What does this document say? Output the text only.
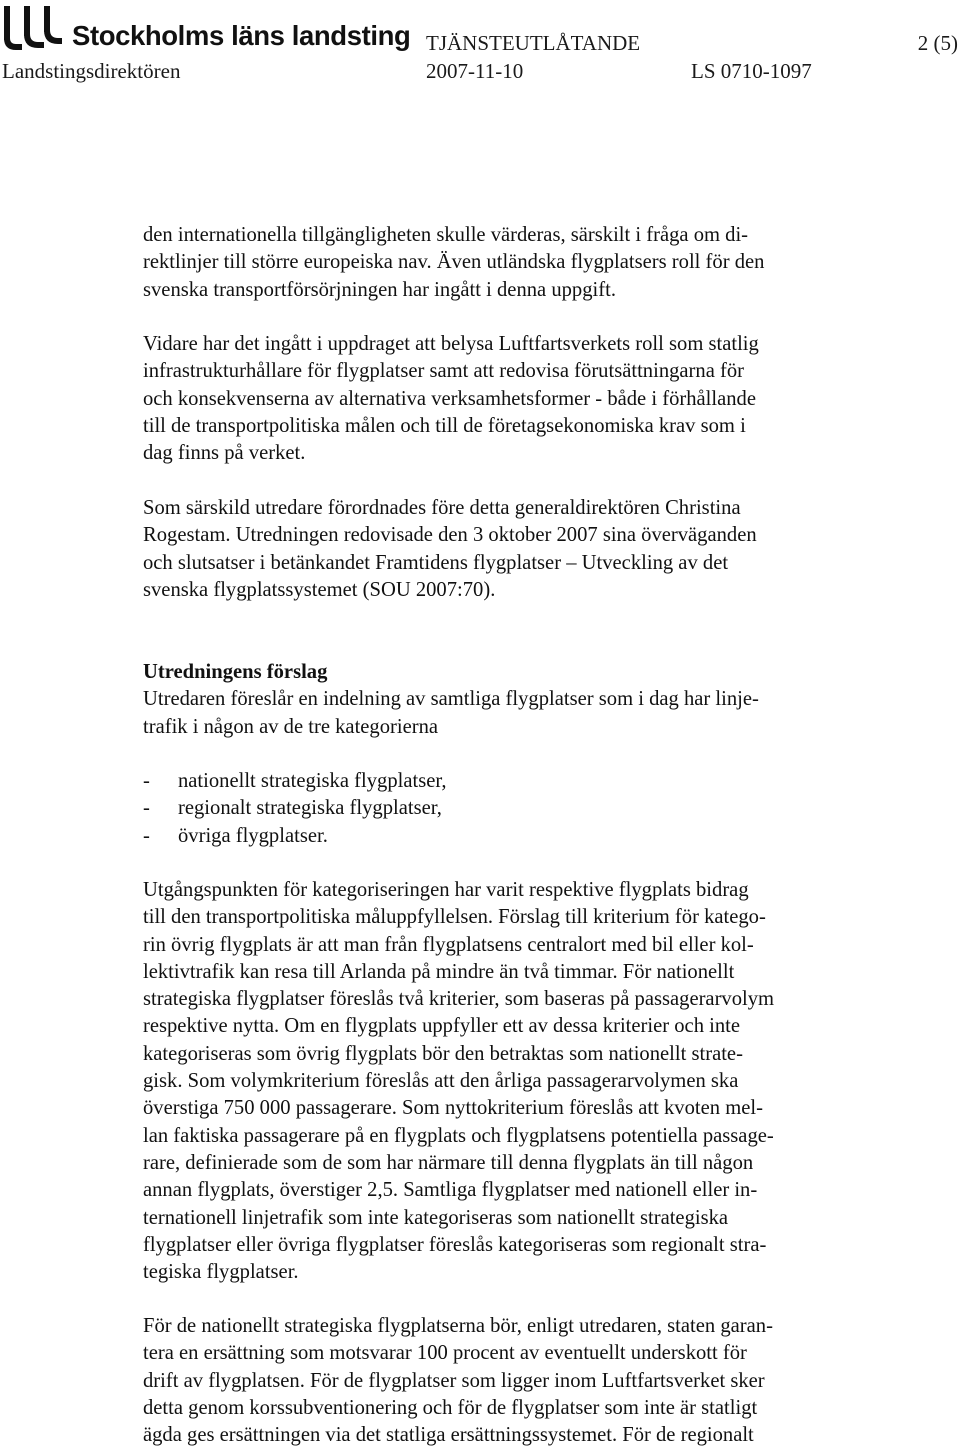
Stockholms läns landsting TJÄNSTEUTLÅTANDE	2 (5)
Landstingsdirektören	2007-11-10	LS 0710-1097
den internationella tillgängligheten skulle värderas, särskilt i fråga om di-
rektlinjer till större europeiska nav. Även utländska flygplatsers roll för den
svenska transportförsörjningen har ingått i denna uppgift.
Vidare har det ingått i uppdraget att belysa Luftfartsverkets roll som statlig
infrastrukturhållare för flygplatser samt att redovisa förutsättningarna för
och konsekvenserna av alternativa verksamhetsformer - både i förhållande
till de transportpolitiska målen och till de företagsekonomiska krav som i
dag finns på verket.
Som särskild utredare förordnades före detta generaldirektören Christina
Rogestam. Utredningen redovisade den 3 oktober 2007 sina överväganden
och slutsatser i betänkandet Framtidens flygplatser – Utveckling av det
svenska flygplatssystemet (SOU 2007:70).
Utredningens förslag
Utredaren föreslår en indelning av samtliga flygplatser som i dag har linje-
trafik i någon av de tre kategorierna
- nationellt strategiska flygplatser,
- regionalt strategiska flygplatser,
- övriga flygplatser.
Utgångspunkten för kategoriseringen har varit respektive flygplats bidrag
till den transportpolitiska måluppfyllelsen. Förslag till kriterium för katego-
rin övrig flygplats är att man från flygplatsens centralort med bil eller kol-
lektivtrafik kan resa till Arlanda på mindre än två timmar. För nationellt
strategiska flygplatser föreslås två kriterier, som baseras på passagerarvolym
respektive nytta. Om en flygplats uppfyller ett av dessa kriterier och inte
kategoriseras som övrig flygplats bör den betraktas som nationellt strate-
gisk. Som volymkriterium föreslås att den årliga passagerarvolymen ska
överstiga 750 000 passagerare. Som nyttokriterium föreslås att kvoten mel-
lan faktiska passagerare på en flygplats och flygplatsens potentiella passage-
rare, definierade som de som har närmare till denna flygplats än till någon
annan flygplats, överstiger 2,5. Samtliga flygplatser med nationell eller in-
ternationell linjetrafik som inte kategoriseras som nationellt strategiska
flygplatser eller övriga flygplatser föreslås kategoriseras som regionalt stra-
tegiska flygplatser.
För de nationellt strategiska flygplatserna bör, enligt utredaren, staten garan-
tera en ersättning som motsvarar 100 procent av eventuellt underskott för
drift av flygplatsen. För de flygplatser som ligger inom Luftfartsverket sker
detta genom korssubventionering och för de flygplatser som inte är statligt
ägda ges ersättningen via det statliga ersättningssystemet. För de regionalt
